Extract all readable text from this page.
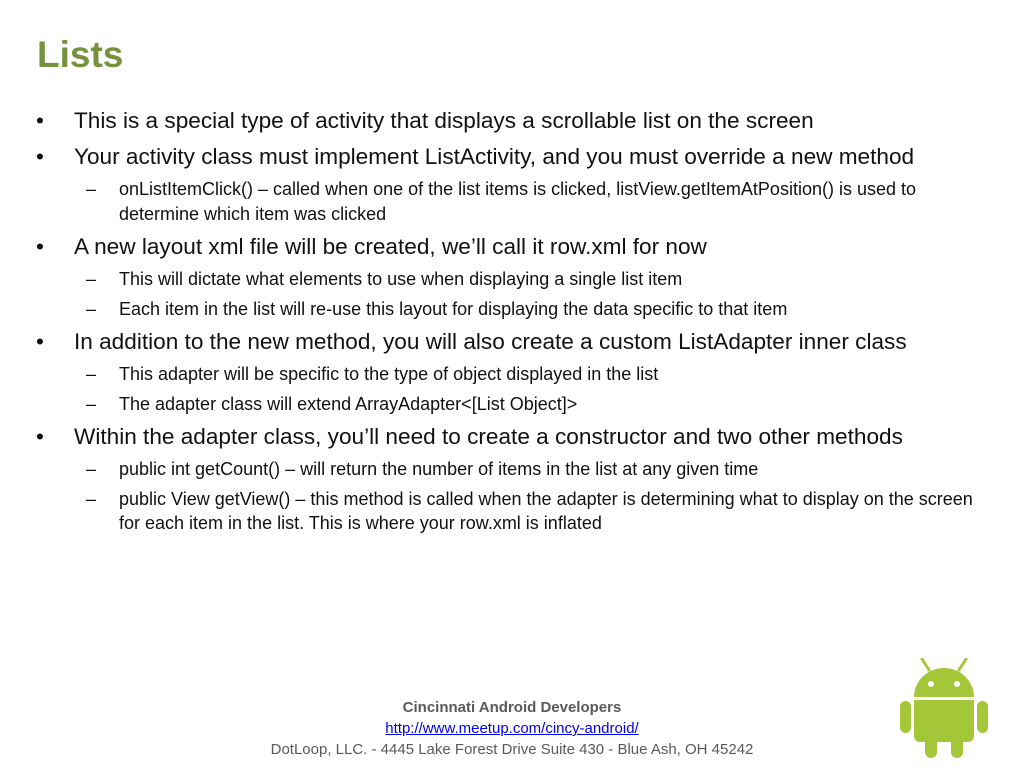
Lists
•	This is a special type of activity that displays a scrollable list on the screen
•	Your activity class must implement ListActivity, and you must override a new method
–	onListItemClick() – called when one of the list items is clicked, listView.getItemAtPosition() is used to determine which item was clicked
•	A new layout xml file will be created, we’ll call it row.xml for now
–	This will dictate what elements to use when displaying a single list item
–	Each item in the list will re-use this layout for displaying the data specific to that item
•	In addition to the new method, you will also create a custom ListAdapter inner class
–	This adapter will be specific to the type of object displayed in the list
–	The adapter class will extend ArrayAdapter<[List Object]>
•	Within the adapter class, you’ll need to create a constructor and two other methods
–	public int getCount() – will return the number of items in the list at any given time
–	public View getView() – this method is called when the adapter is determining what to display on the screen for each item in the list. This is where your row.xml is inflated
Cincinnati Android Developers
http://www.meetup.com/cincy-android/
DotLoop, LLC. - 4445 Lake Forest Drive Suite 430 - Blue Ash, OH 45242
